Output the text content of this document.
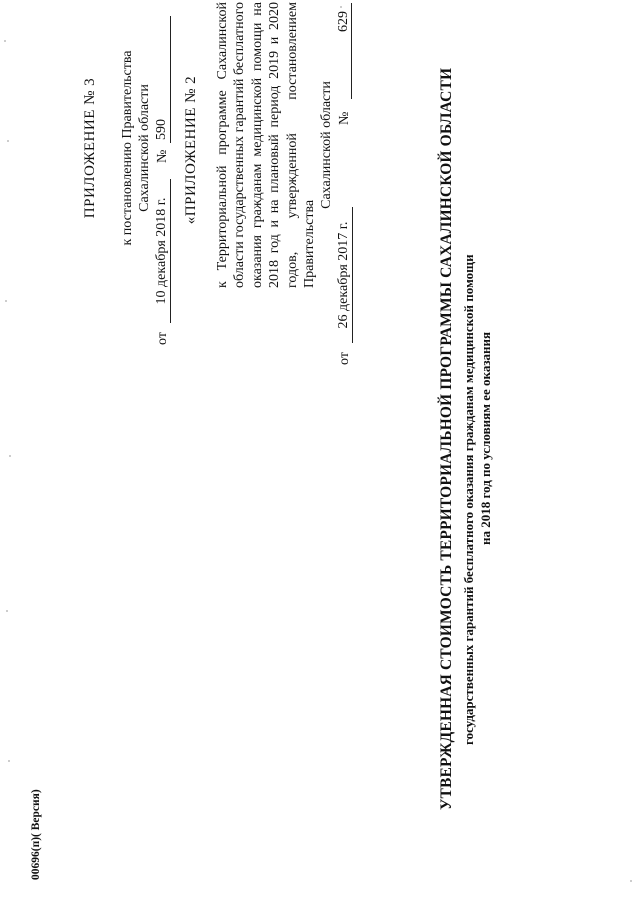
ПРИЛОЖЕНИЕ № 3 к постановлению Правительства Сахалинской области
от
10 декабря 2018 г.
№
590 «ПРИЛОЖЕНИЕ № 2 к Территориальной программе Сахалинской области государственных гарантий бесплатного оказания гражданам медицинской помощи на 2018 год и на плановый период 2019 и 2020 годов, утвержденной постановлением Правительства
Сахалинской области
от
26 декабря 2017 г.
№
629
УТВЕРЖДЕННАЯ СТОИМОСТЬ ТЕРРИТОРИАЛЬНОЙ ПРОГРАММЫ САХАЛИНСКОЙ ОБЛАСТИ государственных гарантий бесплатного оказания гражданам медицинской помощи на 2018 год по условиям ее оказания
00696(п)( Версия)
